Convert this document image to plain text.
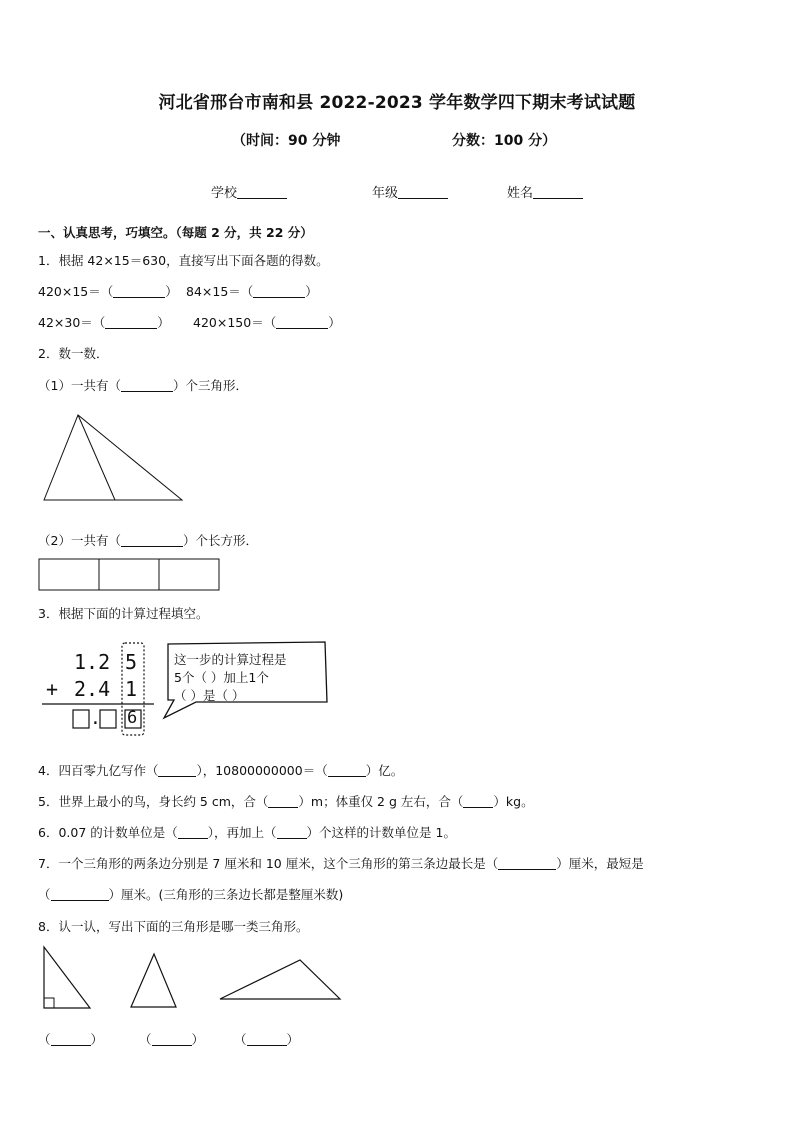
河北省邢台市南和县 2022-2023 学年数学四下期末考试试题
（时间：90 分钟	分数：100 分）
学校	年级	姓名
一、认真思考，巧填空。（每题 2 分，共 22 分）
1．根据 42×15＝630，直接写出下面各题的得数。
420×15＝（	） 84×15＝（	）
42×30＝（	） 420×150＝（	）
2．数一数．
（1）一共有（	）个三角形．
（2）一共有（	）个长方形．
3．根据下面的计算过程填空。
1.2 5
+ 2.4 1
. 6
这一步的计算过程是
5个（ ）加上1个
（ ）是（ ）
4．四百零九亿写作（	），10800000000＝（	）亿。
5．世界上最小的鸟，身长约 5 cm，合（ ）m；体重仅 2 g 左右，合（ ）kg。
6．0.07 的计数单位是（ ），再加上（ ）个这样的计数单位是 1。
7．一个三角形的两条边分别是 7 厘米和 10 厘米，这个三角形的第三条边最长是（	）厘米，最短是
（	）厘米。(三角形的三条边长都是整厘米数)
8．认一认，写出下面的三角形是哪一类三角形。
（	）	（	） （	）
